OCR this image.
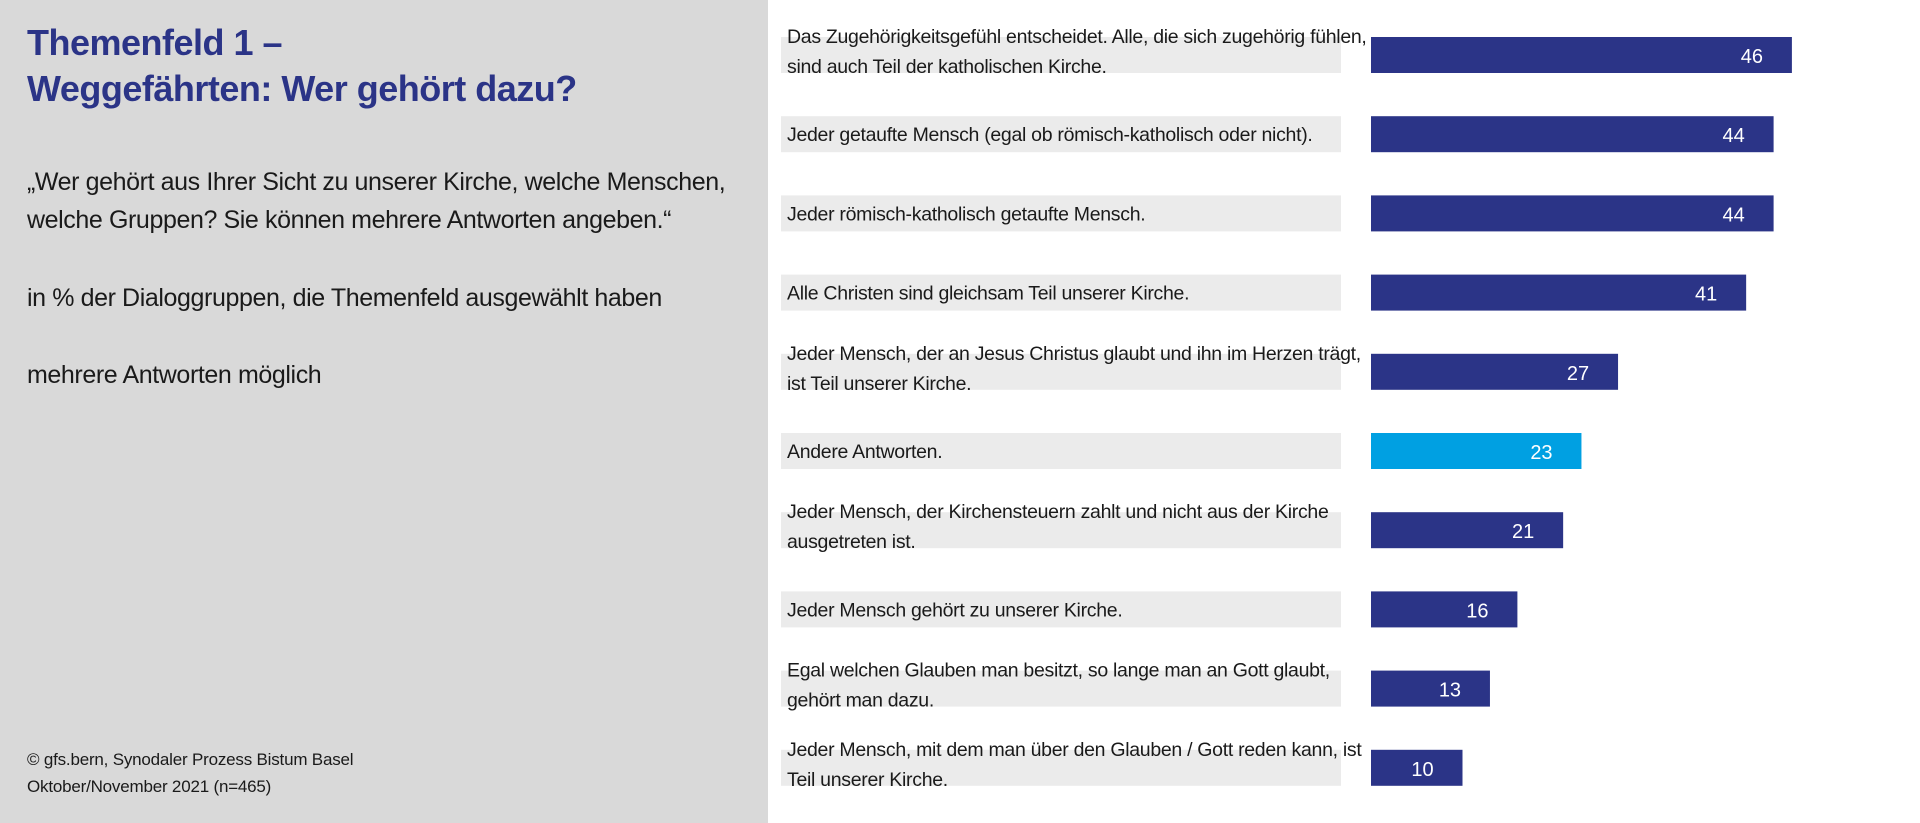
Themenfeld 1 –
Weggefährten: Wer gehört dazu?

„Wer gehört aus Ihrer Sicht zu unserer Kirche, welche Menschen, welche Gruppen? Sie können mehrere Antworten angeben.“

in % der Dialoggruppen, die Themenfeld ausgewählt haben

mehrere Antworten möglich

© gfs.bern, Synodaler Prozess Bistum Basel
Oktober/November 2021 (n=465)
Das Zugehörigkeitsgefühl entscheidet. Alle, die sich zugehörig fühlen, sind auch Teil der katholischen Kirche.	46
Jeder getaufte Mensch (egal ob römisch-katholisch oder nicht).	44
Jeder römisch-katholisch getaufte Mensch.	44
Alle Christen sind gleichsam Teil unserer Kirche.	41
Jeder Mensch, der an Jesus Christus glaubt und ihn im Herzen trägt, ist Teil unserer Kirche.	27
Andere Antworten.	23
Jeder Mensch, der Kirchensteuern zahlt und nicht aus der Kirche ausgetreten ist.	21
Jeder Mensch gehört zu unserer Kirche.	16
Egal welchen Glauben man besitzt, so lange man an Gott glaubt, gehört man dazu.	13
Jeder Mensch, mit dem man über den Glauben / Gott reden kann, ist Teil unserer Kirche.	10
